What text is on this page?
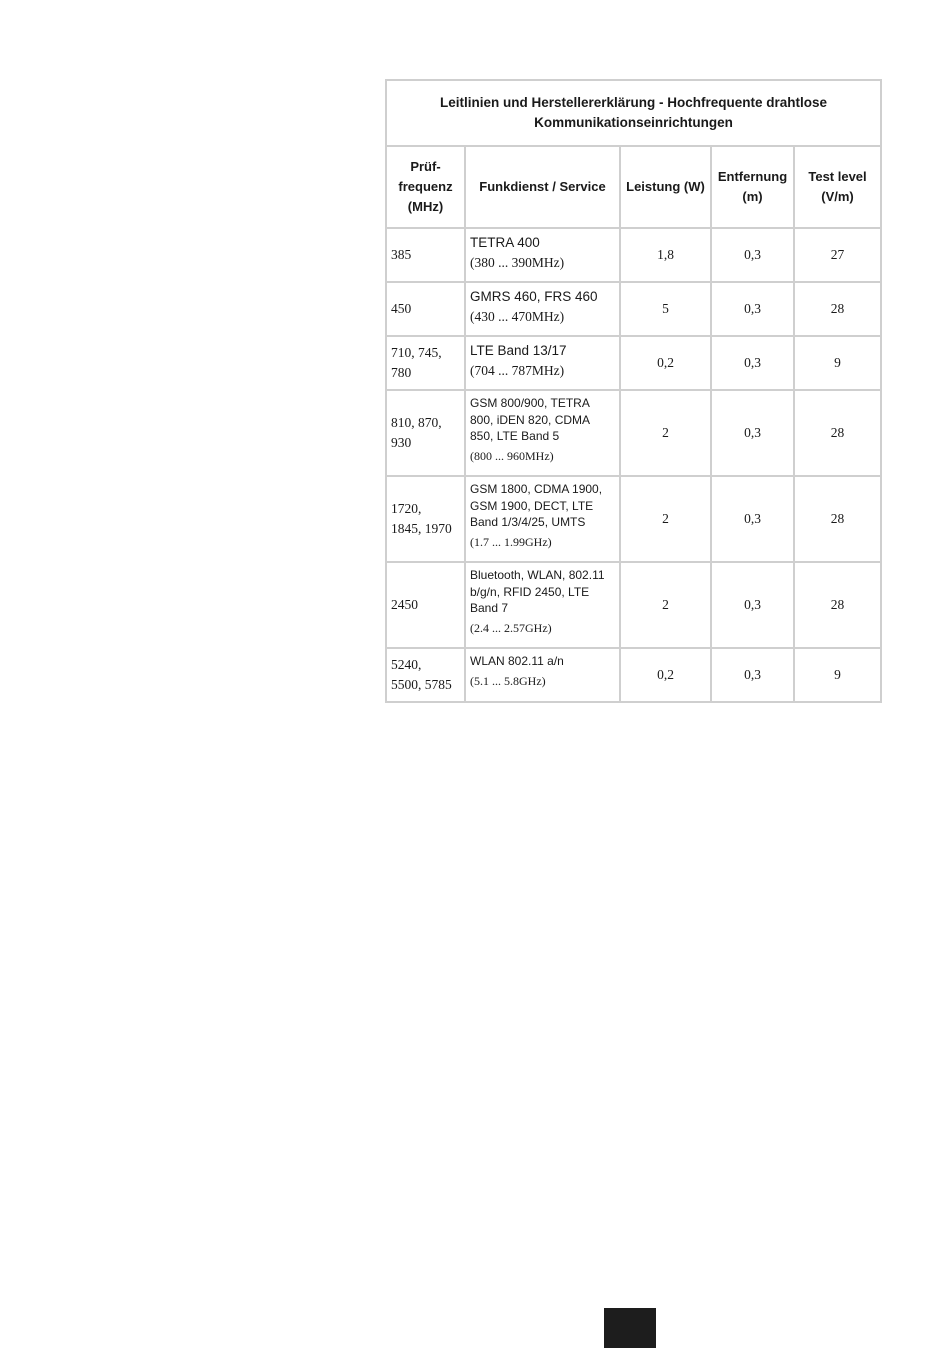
Leitlinien und Herstellererklärung - Hochfrequente drahtlose
Kommunikationseinrichtungen				

Prüf-
frequenz
(MHz)	Funkdienst / Service	Leistung (W)	Entfernung
(m)	Test level
(V/m)

385	TETRA 400
(380 ... 390MHz)	1,8	0,3	27

450	GMRS 460, FRS 460
(430 ... 470MHz)	5	0,3	28

710, 745,
780	LTE Band 13/17
(704 ... 787MHz)	0,2	0,3	9

810, 870,
930	GSM 800/900, TETRA
800, iDEN 820, CDMA
850, LTE Band 5
(800 ... 960MHz)	2	0,3	28

1720,
1845, 1970	GSM 1800, CDMA 1900,
GSM 1900, DECT, LTE
Band 1/3/4/25, UMTS
(1.7 ... 1.99GHz)	2	0,3	28

2450	Bluetooth, WLAN, 802.11
b/g/n, RFID 2450, LTE
Band 7
(2.4 ... 2.57GHz)	2	0,3	28

5240,
5500, 5785	WLAN 802.11 a/n
(5.1 ... 5.8GHz)	0,2	0,3	9
